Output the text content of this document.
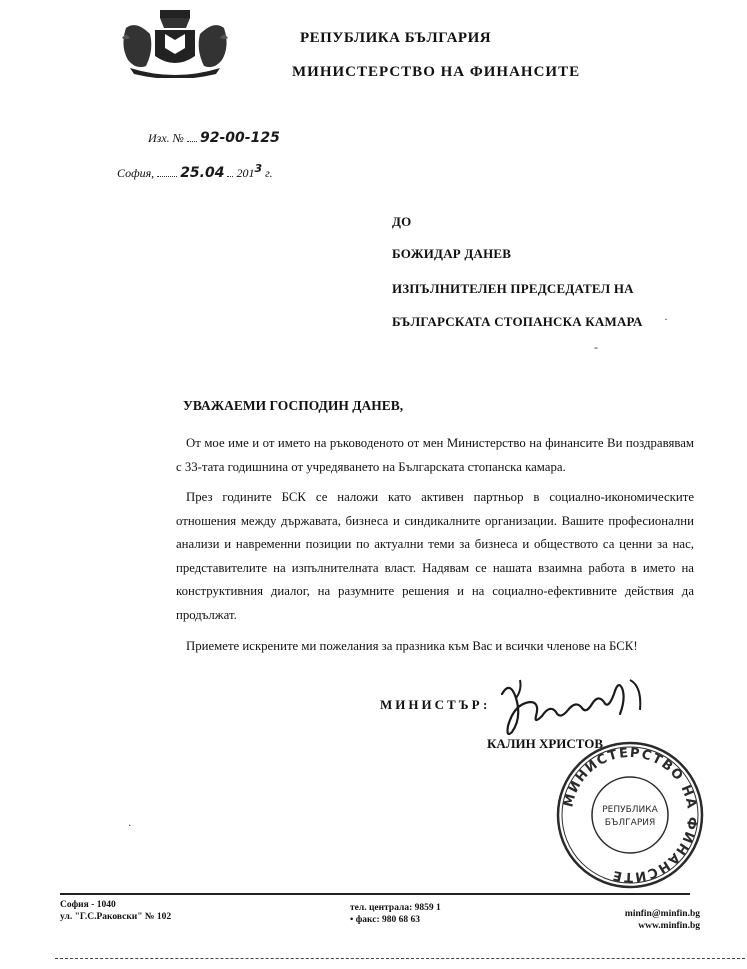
РЕПУБЛИКА БЪЛГАРИЯ
МИНИСТЕРСТВО НА ФИНАНСИТЕ
Изх. № 92-00-125
София, 25.04 2013 г.
ДО
БОЖИДАР ДАНЕВ
ИЗПЪЛНИТЕЛЕН ПРЕДСЕДАТЕЛ НА
БЪЛГАРСКАТА СТОПАНСКА КАМАРА ·
-
УВАЖАЕМИ ГОСПОДИН ДАНЕВ,
От мое име и от името на ръководеното от мен Министерство на финансите Ви поздравявам с 33-тата годишнина от учредяването на Българската стопанска камара.
През годините БСК се наложи като активен партньор в социално-икономическите отношения между държавата, бизнеса и синдикалните организации. Вашите професионални анализи и навременни позиции по актуални теми за бизнеса и обществото са ценни за нас, представителите на изпълнителната власт. Надявам се нашата взаимна работа в името на конструктивния диалог, на разумните решения и на социално-ефективните действия да продължат.
Приемете искрените ми пожелания за празника към Вас и всички членове на БСК!
МИНИСТЪР:
КАЛИН ХРИСТОВ
МИНИСТЕРСТВО НА ФИНАНСИТЕ
РЕПУБЛИКА
БЪЛГАРИЯ
·
София - 1040
ул. "Г.С.Раковски" № 102
тел. централа: 9859 1
• факс: 980 68 63
minfin@minfin.bg
www.minfin.bg
